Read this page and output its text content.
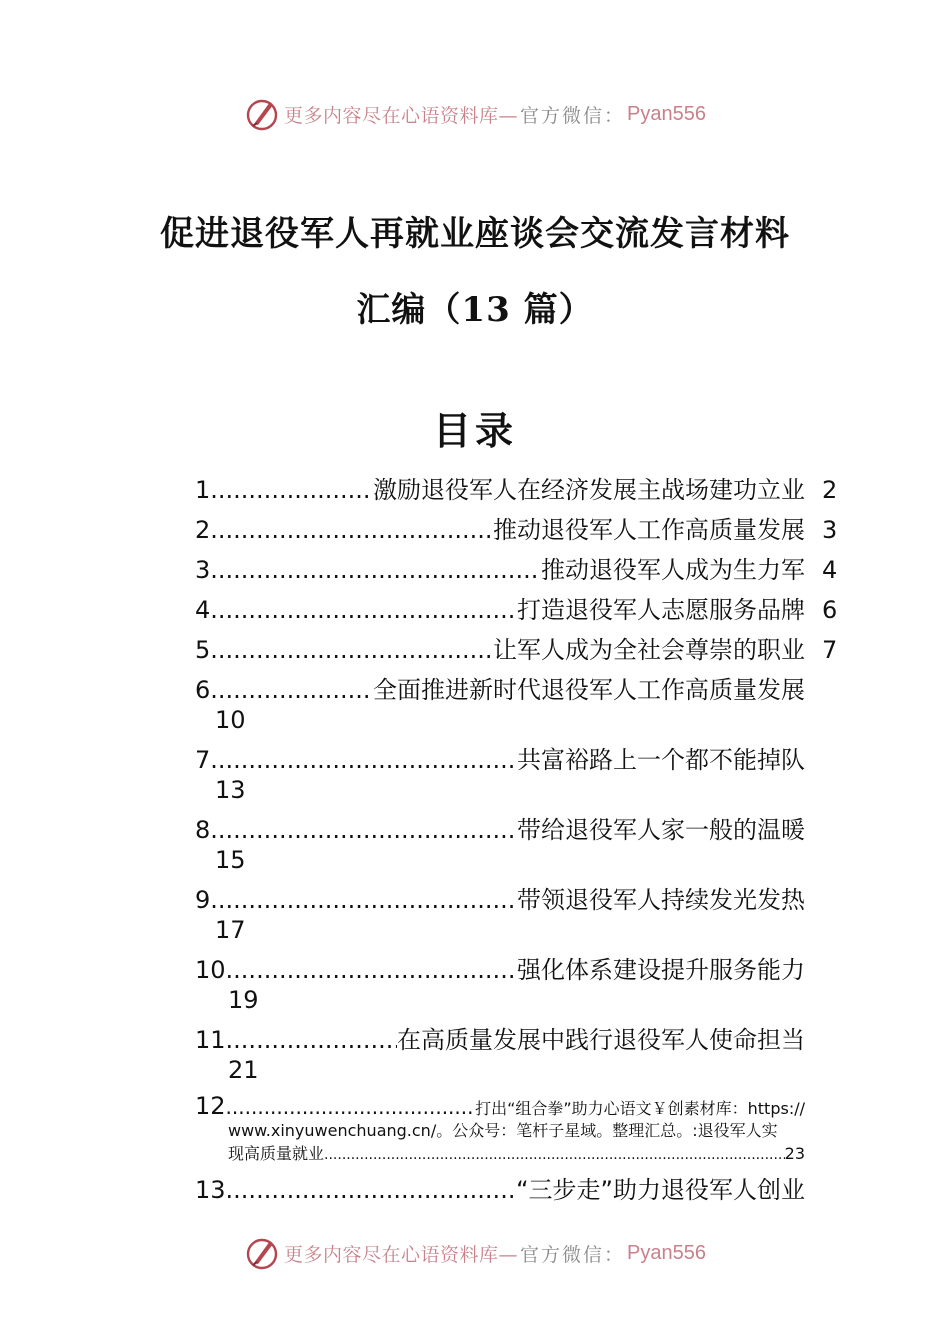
更多内容尽在心语资料库— 官方微信： Pyan556
促进退役军人再就业座谈会交流发言材料
汇编（13 篇）
目录
1 .....	激励退役军人在经济发展主战场建功立业 2
2 .....	推动退役军人工作高质量发展 3
3 .....	推动退役军人成为生力军 4
4 .....	打造退役军人志愿服务品牌 6
5 .....	让军人成为全社会尊崇的职业 7
6 .....	全面推进新时代退役军人工作高质量发展
10
7 .....	共富裕路上一个都不能掉队
13
8 .....	带给退役军人家一般的温暖
15
9 .....	带领退役军人持续发光发热
17
10 .....	强化体系建设提升服务能力
19
11 .....	在高质量发展中践行退役军人使命担当
21
12 .....	打出“组合拳”助力心语文￥创素材库：https://
www.xinyuwenchuang.cn/。公众号：笔杆子星域。整理汇总。:退役军人实
现高质量就业 .....	23
13 .....	“三步走”助力退役军人创业
更多内容尽在心语资料库— 官方微信： Pyan556
